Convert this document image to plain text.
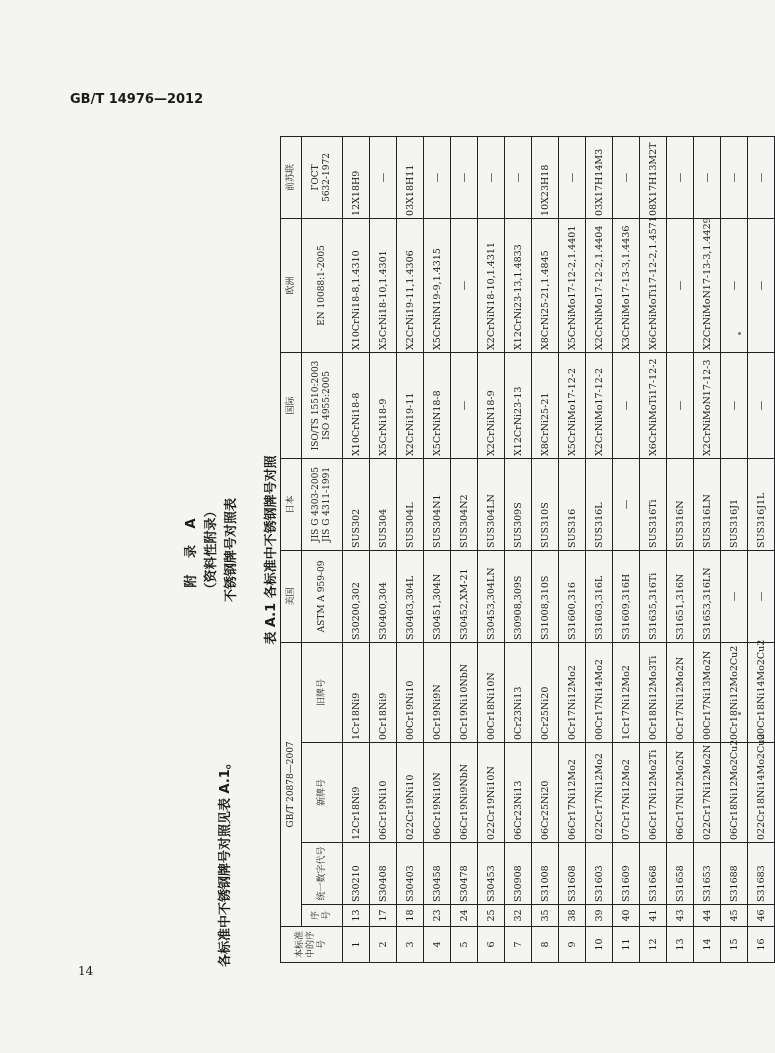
GB/T 14976—2012
附 录 A （资料性附录） 不锈钢牌号对照表
各标准中不锈钢牌号对照见表 A.1。
表 A.1 各标准中不锈钢牌号对照
本标准中的序号	GB/T 20878—2007				美国	日本	国际	欧洲	前苏联
	序号	统一数字代号	新牌号	旧牌号	ASTM A 959-09	JIS G 4303-2005
JIS G 4311-1991	ISO/TS 15510:2003
ISO 4955:2005	EN 10088:1-2005	ГОСТ
5632-1972
1	13	S30210	12Cr18Ni9	1Cr18Ni9	S30200,302	SUS302	X10CrNi18-8	X10CrNi18-8,1.4310	12X18H9
2	17	S30408	06Cr19Ni10	0Cr18Ni9	S30400,304	SUS304	X5CrNi18-9	X5CrNi18-10,1.4301	—
3	18	S30403	022Cr19Ni10	00Cr19Ni10	S30403,304L	SUS304L	X2CrNi19-11	X2CrNi19-11,1.4306	03X18H11
4	23	S30458	06Cr19Ni10N	0Cr19Ni9N	S30451,304N	SUS304N1	X5CrNiN18-8	X5CrNiN19-9,1.4315	—
5	24	S30478	06Cr19Ni9NbN	0Cr19Ni10NbN	S30452,XM-21	SUS304N2	—	—	—
6	25	S30453	022Cr19Ni10N	00Cr18Ni10N	S30453,304LN	SUS304LN	X2CrNiN18-9	X2CrNiN18-10,1.4311	—
7	32	S30908	06Cr23Ni13	0Cr23Ni13	S30908,309S	SUS309S	X12CrNi23-13	X12CrNi23-13,1.4833	—
8	35	S31008	06Cr25Ni20	0Cr25Ni20	S31008,310S	SUS310S	X8CrNi25-21	X8CrNi25-21,1.4845	10X23H18
9	38	S31608	06Cr17Ni12Mo2	0Cr17Ni12Mo2	S31600,316	SUS316	X5CrNiMo17-12-2	X5CrNiMo17-12-2,1.4401	—
10	39	S31603	022Cr17Ni12Mo2	00Cr17Ni14Mo2	S31603,316L	SUS316L	X2CrNiMo17-12-2	X2CrNiMo17-12-2,1.4404	03X17H14M3
11	40	S31609	07Cr17Ni12Mo2	1Cr17Ni12Mo2	S31609,316H	—	—	X3CrNiMo17-13-3,1.4436	—
12	41	S31668	06Cr17Ni12Mo2Ti	0Cr18Ni12Mo3Ti	S31635,316Ti	SUS316Ti	X6CrNiMoTi17-12-2	X6CrNiMoTi17-12-2,1.4571	08X17H13M2T
13	43	S31658	06Cr17Ni12Mo2N	0Cr17Ni12Mo2N	S31651,316N	SUS316N	—	—	—
14	44	S31653	022Cr17Ni12Mo2N	00Cr17Ni13Mo2N	S31653,316LN	SUS316LN	X2CrNiMoN17-12-3	X2CrNiMoN17-13-3,1.4429	—
15	45	S31688	06Cr18Ni12Mo2Cu2	0Cr18Ni12Mo2Cu2	—	SUS316J1	—	—	—
16	46	S31683	022Cr18Ni14Mo2Cu2	00Cr18Ni14Mo2Cu2	—	SUS316J1L	—	—	—
14
